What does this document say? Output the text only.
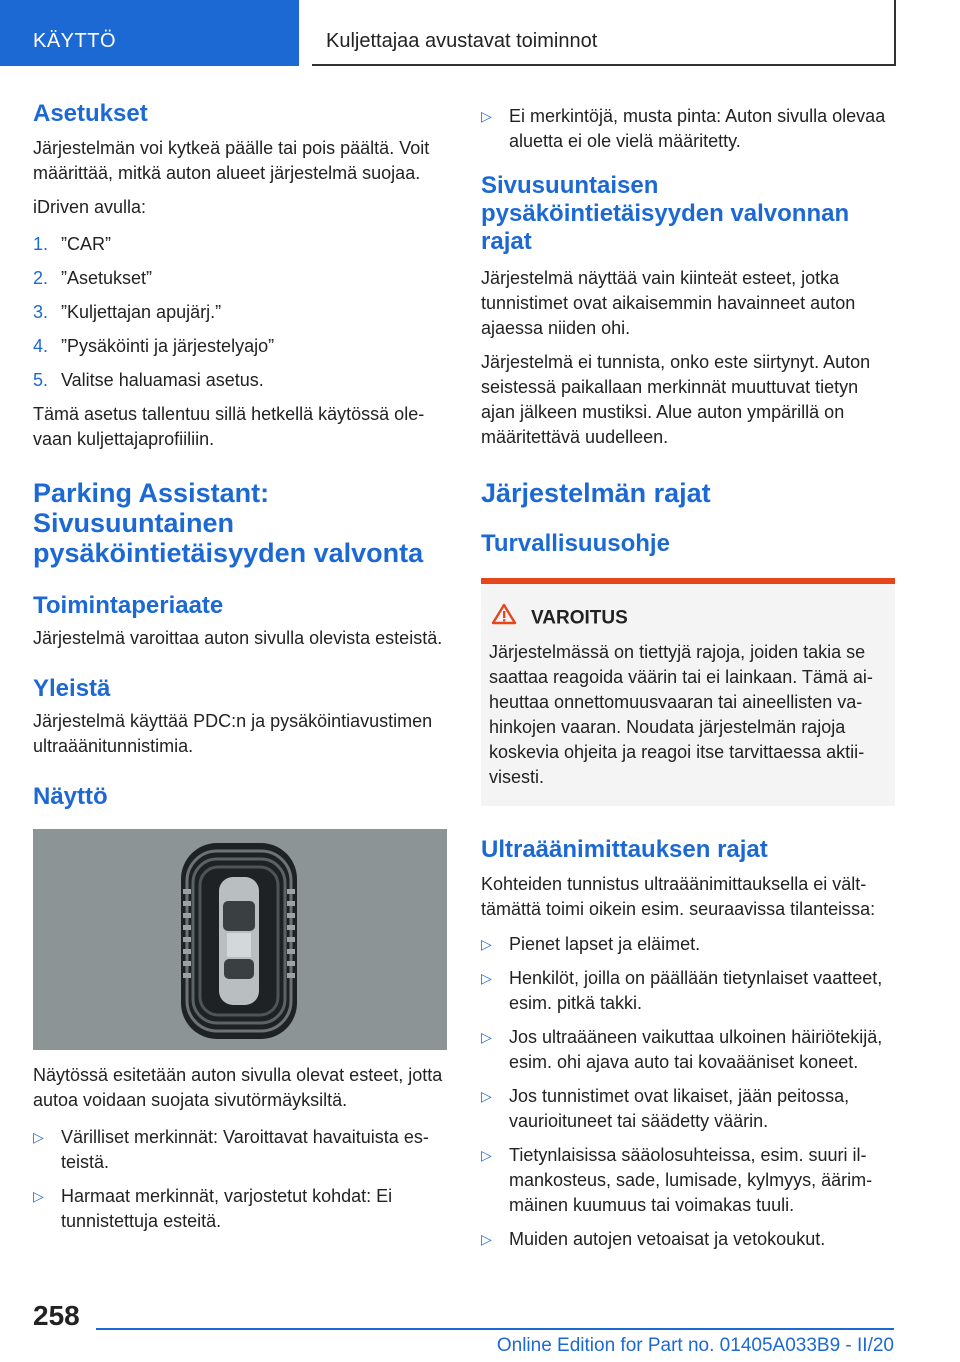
KÄYTTÖ	Kuljettajaa avustavat toiminnot
Asetukset

Järjestelmän voi kytkeä päälle tai pois päältä. Voit määrittää, mitkä auton alueet järjestelmä suojaa.

iDriven avulla:

1. ”CAR”
2. ”Asetukset”
3. ”Kuljettajan apujärj.”
4. ”Pysäköinti ja järjestelyajo”
5. Valitse haluamasi asetus.

Tämä asetus tallentuu sillä hetkellä käytössä olevaan kuljettajaprofiiliin.

Parking Assistant: Sivusuuntainen pysäköintietäisyyden valvonta
Toimintaperiaate

Järjestelmä varoittaa auton sivulla olevista esteistä.

Yleistä

Järjestelmä käyttää PDC:n ja pysäköintiavustimen ultraäänitunnistimia.

Näyttö

Näytössä esitetään auton sivulla olevat esteet, jotta autoa voidaan suojata sivutörmäyksiltä.

▷ Värilliset merkinnät: Varoittavat havaituista esteistä.
▷ Harmaat merkinnät, varjostetut kohdat: Ei tunnistettuja esteitä.
▷ Ei merkintöjä, musta pinta: Auton sivulla olevaa aluetta ei ole vielä määritetty.
Sivusuuntaisen pysäköintietäisyyden valvonnan rajat

Järjestelmä näyttää vain kiinteät esteet, jotka tunnistimet ovat aikaisemmin havainneet auton ajaessa niiden ohi.

Järjestelmä ei tunnista, onko este siirtynyt. Auton seistessä paikallaan merkinnät muuttuvat tietyn ajan jälkeen mustiksi. Alue auton ympärillä on määritettävä uudelleen.

Järjestelmän rajat
Turvallisuusohje
VAROITUS

Järjestelmässä on tiettyjä rajoja, joiden takia se saattaa reagoida väärin tai ei lainkaan. Tämä aiheuttaa onnettomuusvaaran tai aineellisten vahinkojen vaaran. Noudata järjestelmän rajoja koskevia ohjeita ja reagoi itse tarvittaessa aktiivisesti.

Ultraäänimittauksen rajat

Kohteiden tunnistus ultraäänimittauksella ei välttämättä toimi oikein esim. seuraavissa tilanteissa:

▷ Pienet lapset ja eläimet.
▷ Henkilöt, joilla on päällään tietynlaiset vaatteet, esim. pitkä takki.
▷ Jos ultraääneen vaikuttaa ulkoinen häiriötekijä, esim. ohi ajava auto tai kovaääniset koneet.
▷ Jos tunnistimet ovat likaiset, jään peitossa, vaurioituneet tai säädetty väärin.
▷ Tietynlaisissa sääolosuhteissa, esim. suuri ilmankosteus, sade, lumisade, kylmyys, äärimmäinen kuumuus tai voimakas tuuli.
▷ Muiden autojen vetoaisat ja vetokoukut.
258
Online Edition for Part no. 01405A033B9 - II/20
